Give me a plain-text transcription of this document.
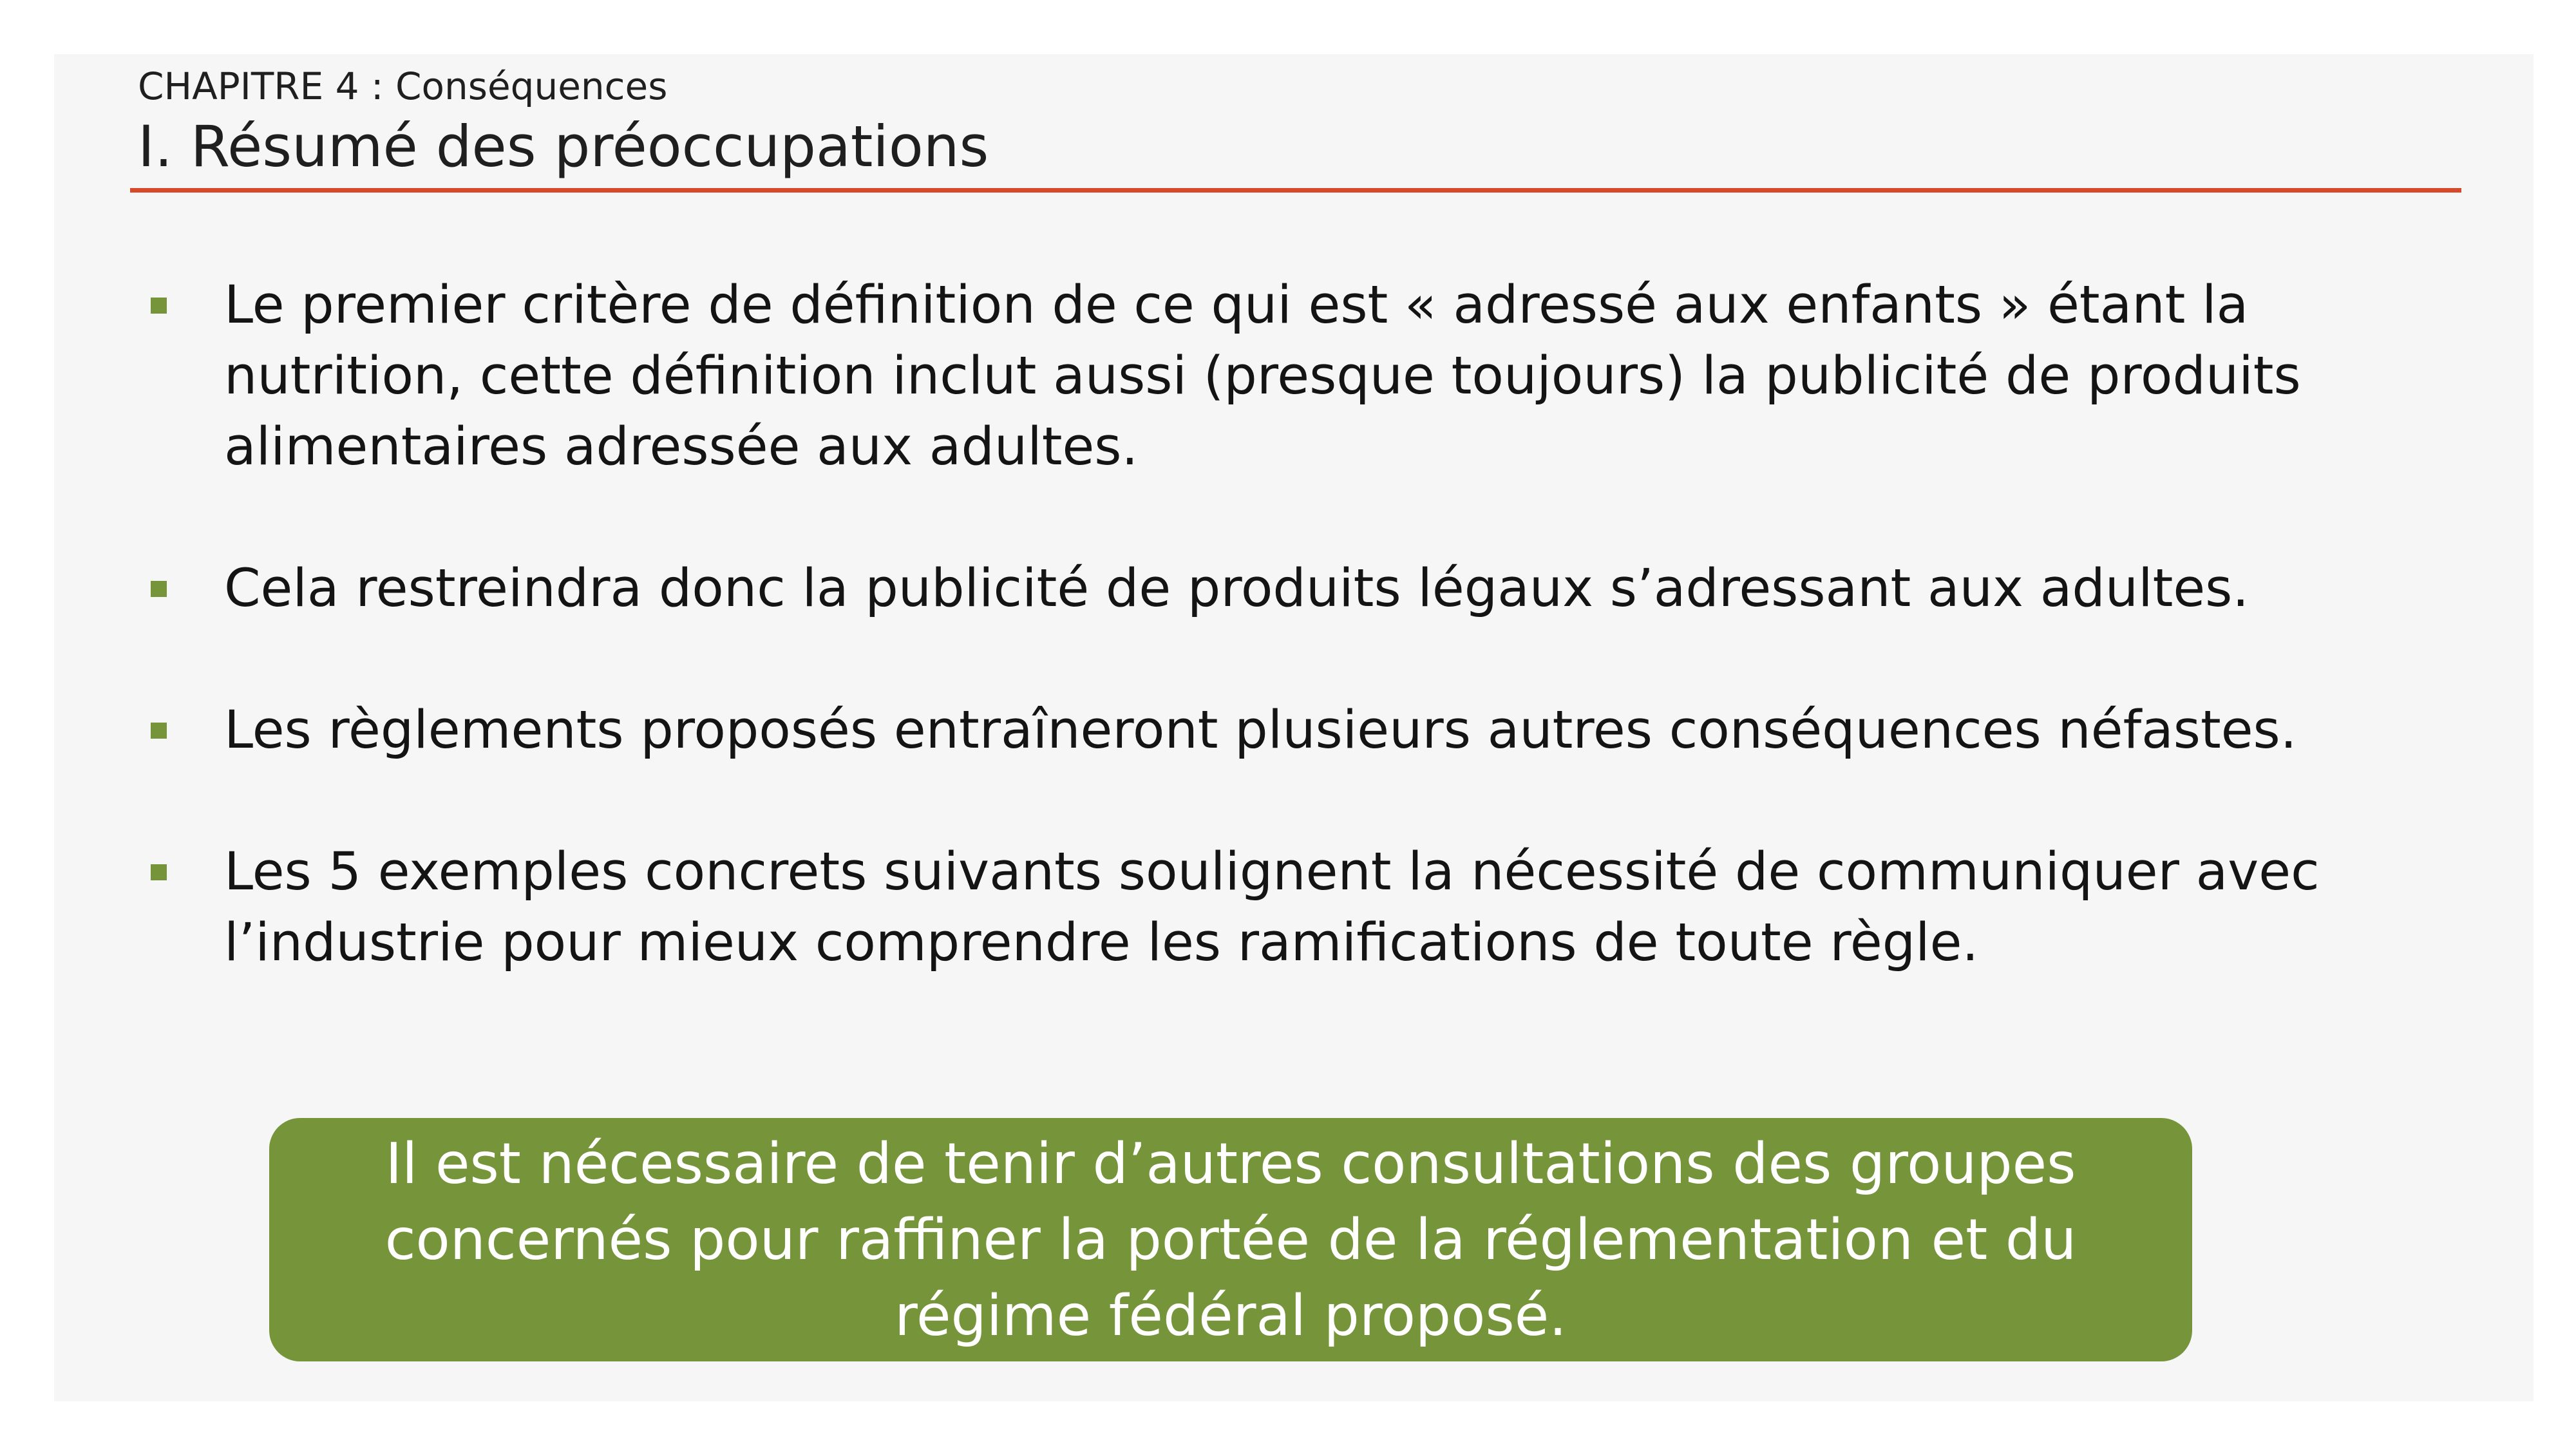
CHAPITRE 4 : Conséquences
I. Résumé des préoccupations
Le premier critère de définition de ce qui est « adressé aux enfants » étant la nutrition, cette définition inclut aussi (presque toujours) la publicité de produits alimentaires adressée aux adultes.
Cela restreindra donc la publicité de produits légaux s’adressant aux adultes.
Les règlements proposés entraîneront plusieurs autres conséquences néfastes.
Les 5 exemples concrets suivants soulignent la nécessité de communiquer avec l’industrie pour mieux comprendre les ramifications de toute règle.
Il est nécessaire de tenir d’autres consultations des groupes concernés pour raffiner la portée de la réglementation et du régime fédéral proposé.
